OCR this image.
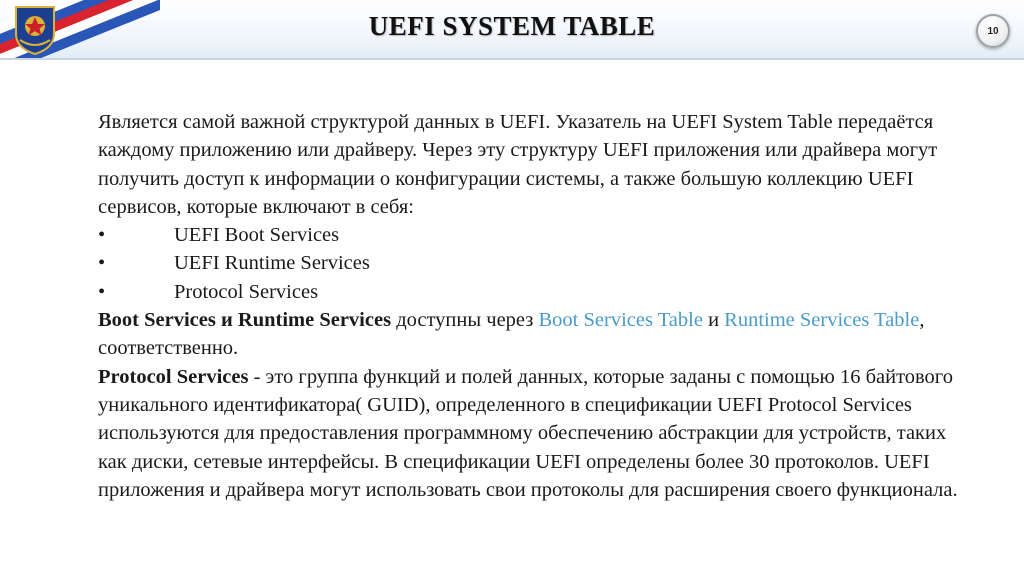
UEFI SYSTEM TABLE	10

Является самой важной структурой данных в UEFI. Указатель на UEFI System Table передаётся каждому приложению или драйверу. Через эту структуру UEFI приложения или драйвера могут получить доступ к информации о конфигурации системы, а также большую коллекцию UEFI сервисов, которые включают в себя:

•	UEFI Boot Services
•	UEFI Runtime Services
•	Protocol Services

Boot Services и Runtime Services доступны через Boot Services Table и Runtime Services Table, соответственно.

Protocol Services - это группа функций и полей данных, которые заданы с помощью 16 байтового уникального идентификатора( GUID), определенного в спецификации UEFI Protocol Services используются для предоставления программному обеспечению абстракции для устройств, таких как диски, сетевые интерфейсы. В спецификации UEFI определены более 30 протоколов. UEFI приложения и драйвера могут использовать свои протоколы для расширения своего функционала.
